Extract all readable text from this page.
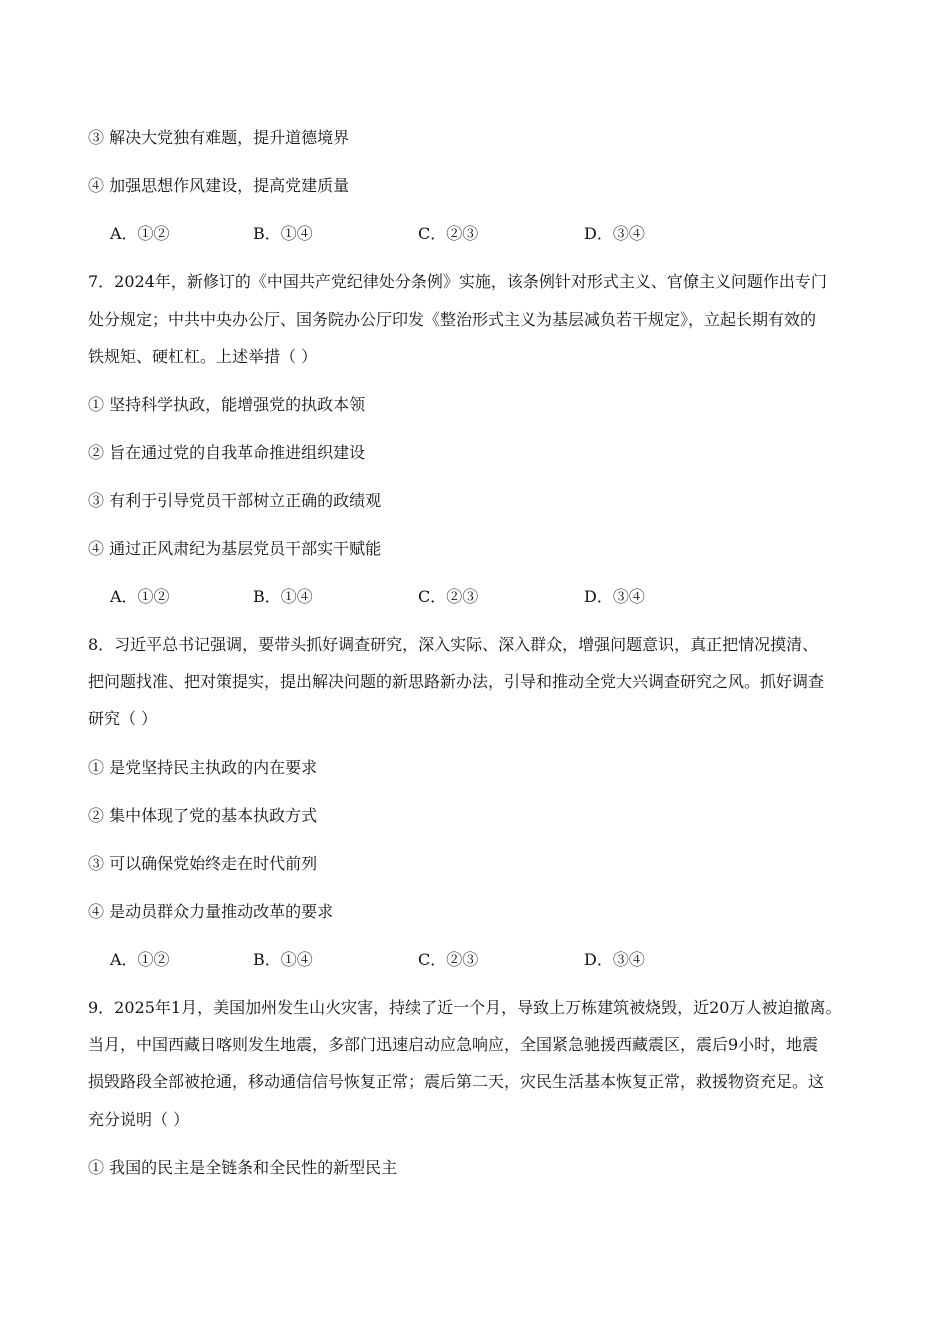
③ 解决大党独有难题，提升道德境界
④ 加强思想作风建设，提高党建质量
A．①②	B．①④	C．②③	D．③④
7．2024年，新修订的《中国共产党纪律处分条例》实施，该条例针对形式主义、官僚主义问题作出专门
处分规定；中共中央办公厅、国务院办公厅印发《整治形式主义为基层减负若干规定》，立起长期有效的
铁规矩、硬杠杠。上述举措（ ）
① 坚持科学执政，能增强党的执政本领
② 旨在通过党的自我革命推进组织建设
③ 有利于引导党员干部树立正确的政绩观
④ 通过正风肃纪为基层党员干部实干赋能
A．①②	B．①④	C．②③	D．③④
8．习近平总书记强调，要带头抓好调查研究，深入实际、深入群众，增强问题意识，真正把情况摸清、
把问题找准、把对策提实，提出解决问题的新思路新办法，引导和推动全党大兴调查研究之风。抓好调查
研究（ ）
① 是党坚持民主执政的内在要求
② 集中体现了党的基本执政方式
③ 可以确保党始终走在时代前列
④ 是动员群众力量推动改革的要求
A．①②	B．①④	C．②③	D．③④
9．2025年1月，美国加州发生山火灾害，持续了近一个月，导致上万栋建筑被烧毁，近20万人被迫撤离。
当月，中国西藏日喀则发生地震，多部门迅速启动应急响应，全国紧急驰援西藏震区，震后9小时，地震
损毁路段全部被抢通，移动通信信号恢复正常；震后第二天，灾民生活基本恢复正常，救援物资充足。这
充分说明（ ）
① 我国的民主是全链条和全民性的新型民主
